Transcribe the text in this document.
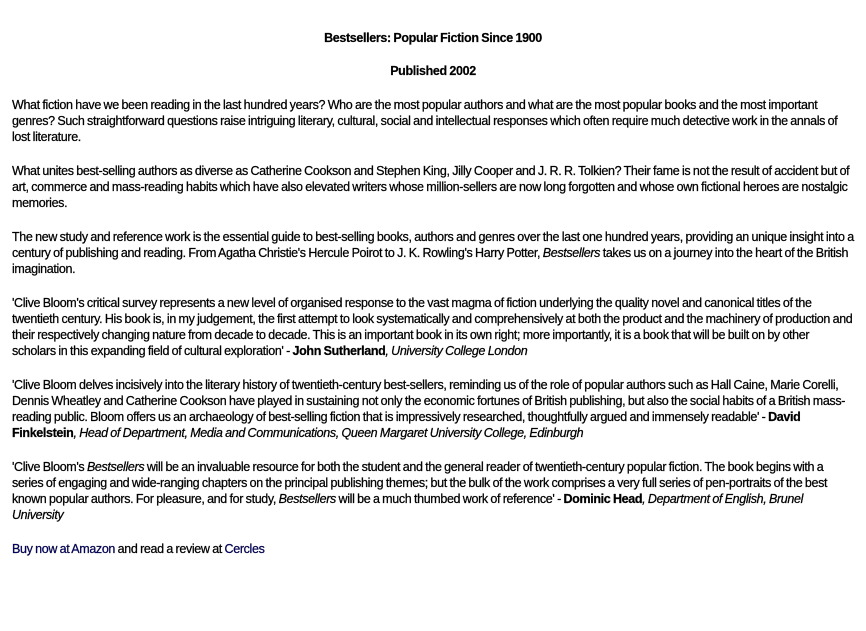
Bestsellers: Popular Fiction Since 1900
Published 2002

What fiction have we been reading in the last hundred years? Who are the most popular authors and what are the most popular books and the most important genres? Such straightforward questions raise intriguing literary, cultural, social and intellectual responses which often require much detective work in the annals of lost literature.

What unites best-selling authors as diverse as Catherine Cookson and Stephen King, Jilly Cooper and J. R. R. Tolkien? Their fame is not the result of accident but of art, commerce and mass-reading habits which have also elevated writers whose million-sellers are now long forgotten and whose own fictional heroes are nostalgic memories.

The new study and reference work is the essential guide to best-selling books, authors and genres over the last one hundred years, providing an unique insight into a century of publishing and reading. From Agatha Christie's Hercule Poirot to J. K. Rowling's Harry Potter, Bestsellers takes us on a journey into the heart of the British imagination.

'Clive Bloom's critical survey represents a new level of organised response to the vast magma of fiction underlying the quality novel and canonical titles of the twentieth century. His book is, in my judgement, the first attempt to look systematically and comprehensively at both the product and the machinery of production and their respectively changing nature from decade to decade. This is an important book in its own right; more importantly, it is a book that will be built on by other scholars in this expanding field of cultural exploration' - John Sutherland, University College London

'Clive Bloom delves incisively into the literary history of twentieth-century best-sellers, reminding us of the role of popular authors such as Hall Caine, Marie Corelli, Dennis Wheatley and Catherine Cookson have played in sustaining not only the economic fortunes of British publishing, but also the social habits of a British mass-reading public. Bloom offers us an archaeology of best-selling fiction that is impressively researched, thoughtfully argued and immensely readable' - David Finkelstein, Head of Department, Media and Communications, Queen Margaret University College, Edinburgh

'Clive Bloom's Bestsellers will be an invaluable resource for both the student and the general reader of twentieth-century popular fiction. The book begins with a series of engaging and wide-ranging chapters on the principal publishing themes; but the bulk of the work comprises a very full series of pen-portraits of the best known popular authors. For pleasure, and for study, Bestsellers will be a much thumbed work of reference' - Dominic Head, Department of English, Brunel University

Buy now at Amazon and read a review at Cercles
